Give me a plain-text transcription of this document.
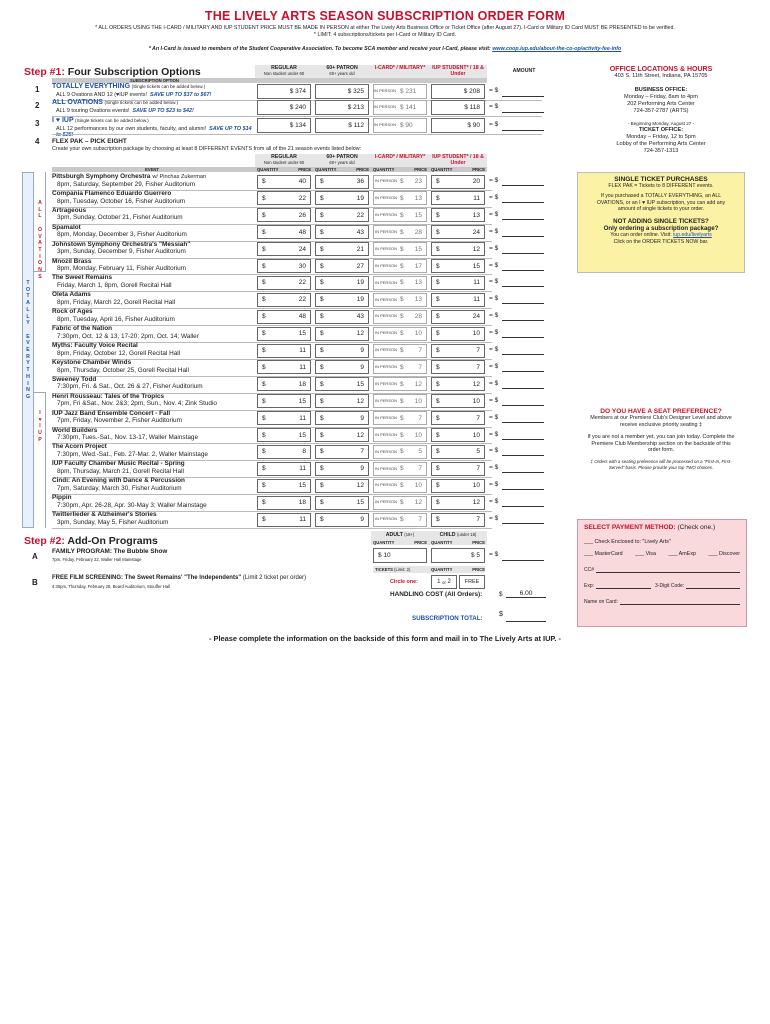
THE LIVELY ARTS SEASON SUBSCRIPTION ORDER FORM
* ALL ORDERS USING THE I-CARD / MILITARY AND IUP STUDENT PRICE MUST BE MADE IN PERSON at either The Lively Arts Business Office or Ticket Office (after August 27). I-Card or Military ID Card MUST BE PRESENTED to be verified.
* LIMIT: 4 subscriptions/tickets per I-Card or Military ID Card.
* An I-Card is issued to members of the Student Cooperative Association. To become SCA member and receive your I-Card, please visit: www.coop.iup.edu/about-the-co-op/activity-fee-info
Step #1: Four Subscription Options	REGULAR
Non student under 60
60+ PATRON
60+ years old
I-CARD* / MILITARY*	IUP STUDENT* / 18 & Under	AMOUNT
SUBSCRIPTION OPTION
1 TOTALLY EVERYTHING (Single tickets can be added below.)
ALL 9 Ovations AND 12 (♥IUP events! SAVE UP TO $37 to $67!	$ 374	$ 325	IN PERSON $ 231	$ 208	= $
2 ALL OVATIONS (Single tickets can be added below.)
ALL 9 touring Ovations events! SAVE UP TO $23 to $42!	$ 240	$ 213	IN PERSON $ 141	$ 118	= $
3 I ♥ IUP (Single tickets can be added below.)
ALL 12 performances by our own students, faculty, and alumni! SAVE UP TO $14 to $25!
$ 134	$ 112	IN PERSON $ 90	$ 90	= $
4 FLEX PAK – PICK EIGHT
Create your own subscription package by choosing at least 8 DIFFERENT EVENTS from all of the 21 season events listed below:
REGULAR
Non student under 60
60+ PATRON
60+ years old
I-CARD* / MILITARY*	IUP STUDENT* / 18 & Under
EVENT	QUANTITY	PRICE QUANTITY	PRICE QUANTITY	PRICE QUANTITY	PRICE
T
O
T
A
L
L
Y

E
V
E
R
Y
T
H
I
N
G
A
L
L

O
V
A
T
I
O
N
S
I
♥
I
U
P
Pittsburgh Symphony Orchestra w/ Pinchas Zukerman
8pm, Saturday, September 29, Fisher Auditorium	$	40	$	36	IN PERSON $ 23	$	20	= $
Compania Flamenco Eduardo Guerrero
8pm, Tuesday, October 16, Fisher Auditorium	$	22	$	19	IN PERSON $ 13	$	11	= $
Artrageous
3pm, Sunday, October 21, Fisher Auditorium	$	26	$	22	IN PERSON $ 15	$	13	= $
Spamalot
8pm, Monday, December 3, Fisher Auditorium	$	48	$	43	IN PERSON $ 28	$	24	= $
Johnstown Symphony Orchestra's "Messiah"
3pm, Sunday, December 9, Fisher Auditorium	$	24	$	21	IN PERSON $ 15	$	12	= $
Mnozil Brass
8pm, Monday, February 11, Fisher Auditorium	$	30	$	27	IN PERSON $ 17	$	15	= $
The Sweet Remains
Friday, March 1, 8pm, Gorell Recital Hall	$	22	$	19	IN PERSON $ 13	$	11	= $
Oleta Adams
8pm, Friday, March 22, Gorell Recital Hall	$	22	$	19	IN PERSON $ 13	$	11	= $
Rock of Ages
8pm, Tuesday, April 16, Fisher Auditorium	$	48	$	43	IN PERSON $ 28	$	24	= $
Fabric of the Nation
7:30pm, Oct. 12 & 13, 17-20; 2pm, Oct. 14; Waller	$	15	$	12	IN PERSON $ 10	$	10	= $
Myths: Faculty Voice Recital
8pm, Friday, October 12, Gorell Recital Hall	$	11	$	9	IN PERSON $ 7	$	7	= $
Keystone Chamber Winds
8pm, Thursday, October 25, Gorell Recital Hall	$	11	$	9	IN PERSON $ 7	$	7	= $
Sweeney Todd
7:30pm, Fri. & Sat., Oct. 26 & 27, Fisher Auditorium	$	18	$	15	IN PERSON $ 12	$	12	= $
Henri Rousseau: Tales of the Tropics
7pm, Fri &Sat., Nov. 2&3; 2pm, Sun., Nov. 4; Zink Studio	$	15	$	12	IN PERSON $ 10	$	10	= $
IUP Jazz Band Ensemble Concert - Fall
7pm, Friday, November 2, Fisher Auditorium	$	11	$	9	IN PERSON $ 7	$	7	= $
World Builders
7:30pm, Tues.-Sat., Nov. 13-17, Waller Mainstage	$	15	$	12	IN PERSON $ 10	$	10	= $
The Acorn Project
7:30pm, Wed.-Sat., Feb. 27-Mar. 2, Waller Mainstage	$	8	$	7	IN PERSON $ 5	$	5	= $
IUP Faculty Chamber Music Recital - Spring
8pm, Thursday, March 21, Gorell Recital Hall	$	11	$	9	IN PERSON $ 7	$	7	= $
Cindi: An Evening with Dance & Percussion
7pm, Saturday, March 30, Fisher Auditorium	$	15	$	12	IN PERSON $ 10	$	10	= $
Pippin
7:30pm, Apr. 26-28, Apr. 30-May 3; Waller Mainstage	$	18	$	15	IN PERSON $ 12	$	12	= $
Twitterlieder & Alzheimer's Stories
3pm, Sunday, May 5, Fisher Auditorium	$	11	$	9	IN PERSON $ 7	$	7	= $
Step #2: Add-On Programs	ADULT (18+)	CHILD (under 18)
QUANTITY	PRICE QUANTITY	PRICE
A
FAMILY PROGRAM: The Bubble Show
7pm, Friday, February 22, Waller Hall Mainstage
$ 10	$ 5	= $
TICKETS (Limit: 2)	QUANTITY	PRICE
B FREE FILM SCREENING: The Sweet Remains' "The Independents" (Limit 2 ticket per order)
4:30pm, Thursday, February 28, Beard Auditorium, Stouffer Hall
Circle one:	1
or
2	FREE
HANDLING COST (All Orders):	$	6.00
SUBSCRIPTION TOTAL:
$
- Please complete the information on the backside of this form and mail in to The Lively Arts at IUP. -
OFFICE LOCATIONS & HOURS
403 S. 11th Street, Indiana, PA 15705
BUSINESS OFFICE:
Monday – Friday, 8am to 4pm
202 Performing Arts Center
724-357-2787 (ARTS)
- Beginning Monday, August 27 -
TICKET OFFICE:
Monday – Friday, 12 to 5pm
Lobby of the Performing Arts Center
724-357-1313
SINGLE TICKET PURCHASES
FLEX PAK = Tickets to 8 DIFFERENT events.
If you purchased a TOTALLY EVERYTHING, an ALL OVATIONS, or an I ♥ IUP subscription, you can add any amount of single tickets to your order.
NOT ADDING SINGLE TICKETS?
Only ordering a subscription package?
You can order online. Visit: iup.edu/livelyarts
Click on the ORDER TICKETS NOW bar.
DO YOU HAVE A SEAT PREFERENCE?
Members at our Premiere Club's Designer Level and above receive exclusive priority seating ‡
If you are not a member yet, you can join today. Complete the Premiere Club Membership section on the backside of this order form.
‡ Orders with a seating preference will be processed on a "First-In, First-Served" basis. Please provide your top TWO choices.
SELECT PAYMENT METHOD: (Check one.)
___ Check Enclosed to: "Lively Arts"
___ MasterCard ___ Visa ___ AmExp ___ Discover
CC#
Exp:	3-Digit Code:
Name on Card:
